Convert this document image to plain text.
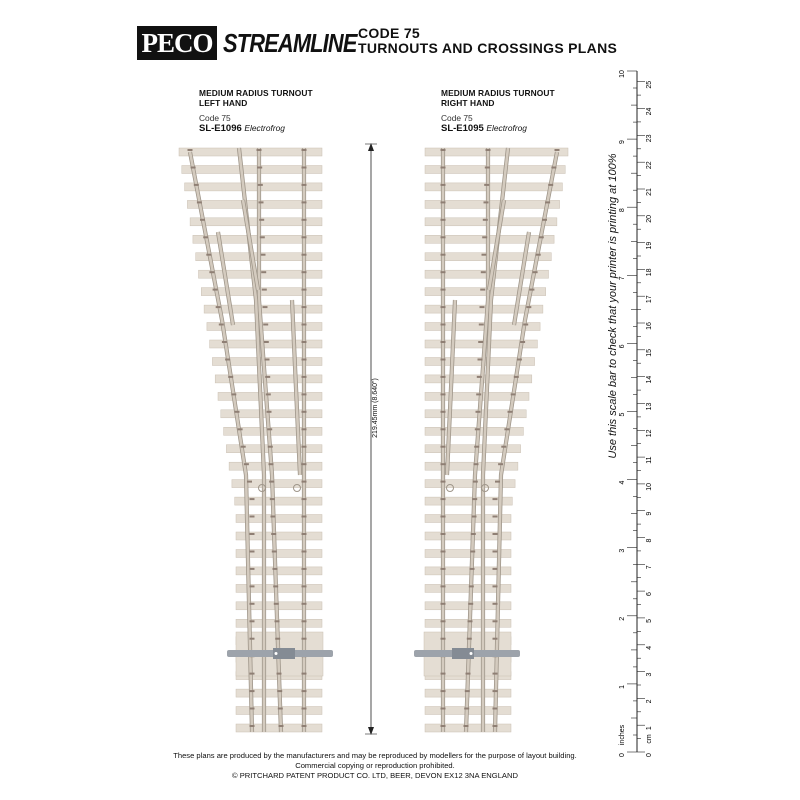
PECO STREAMLINE CODE 75
TURNOUTS AND CROSSINGS PLANS
MEDIUM RADIUS TURNOUT
LEFT HAND
Code 75
SL-E1096 Electrofrog
MEDIUM RADIUS TURNOUT
RIGHT HAND
Code 75
SL-E1095 Electrofrog
0
1
2
3
4
5
6
7
8
9
10
0
1
2
3
4
5
6
7
8
9
10
11
12
13
14
15
16
17
18
19
20
21
22
23
24
25
inches	cm
219.45mm (8.640")	Use this scale bar to check that your printer is printing at 100%
These plans are produced by the manufacturers and may be reproduced by modellers for the purpose of layout building.
Commercial copying or reproduction prohibited.
© PRITCHARD PATENT PRODUCT CO. LTD, BEER, DEVON EX12 3NA ENGLAND
